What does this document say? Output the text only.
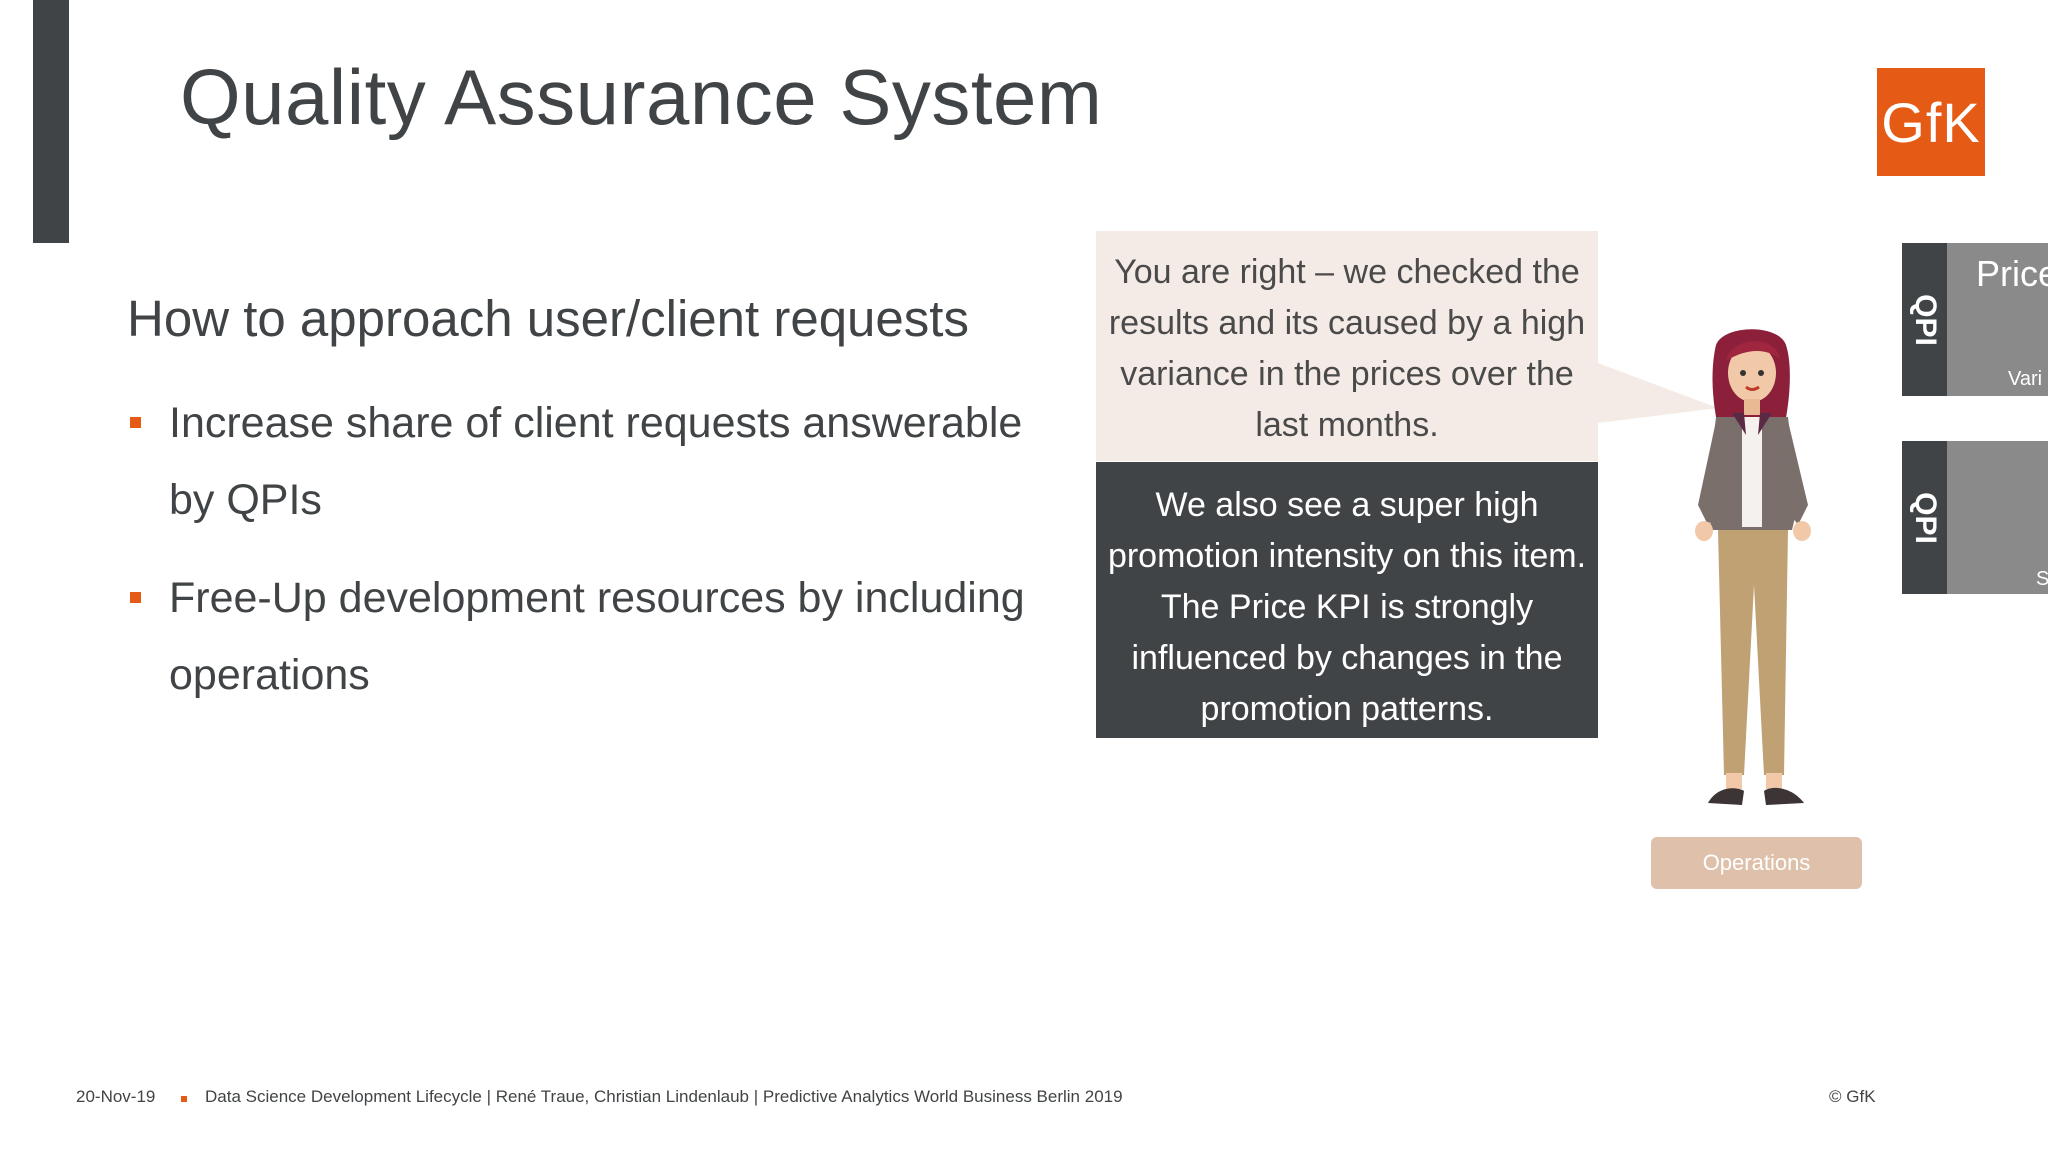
Quality Assurance System	GfK
How to approach user/client requests
Increase share of client requests answerable by QPIs
Free-Up development resources by including operations
You are right – we checked the results and its caused by a high variance in the prices over the last months.
We also see a super high promotion intensity on this item. The Price KPI is strongly influenced by changes in the promotion patterns.
Operations
QPI
Price
Vari
QPI
S
20-Nov-19	Data Science Development Lifecycle | René Traue, Christian Lindenlaub | Predictive Analytics World Business Berlin 2019	© GfK
